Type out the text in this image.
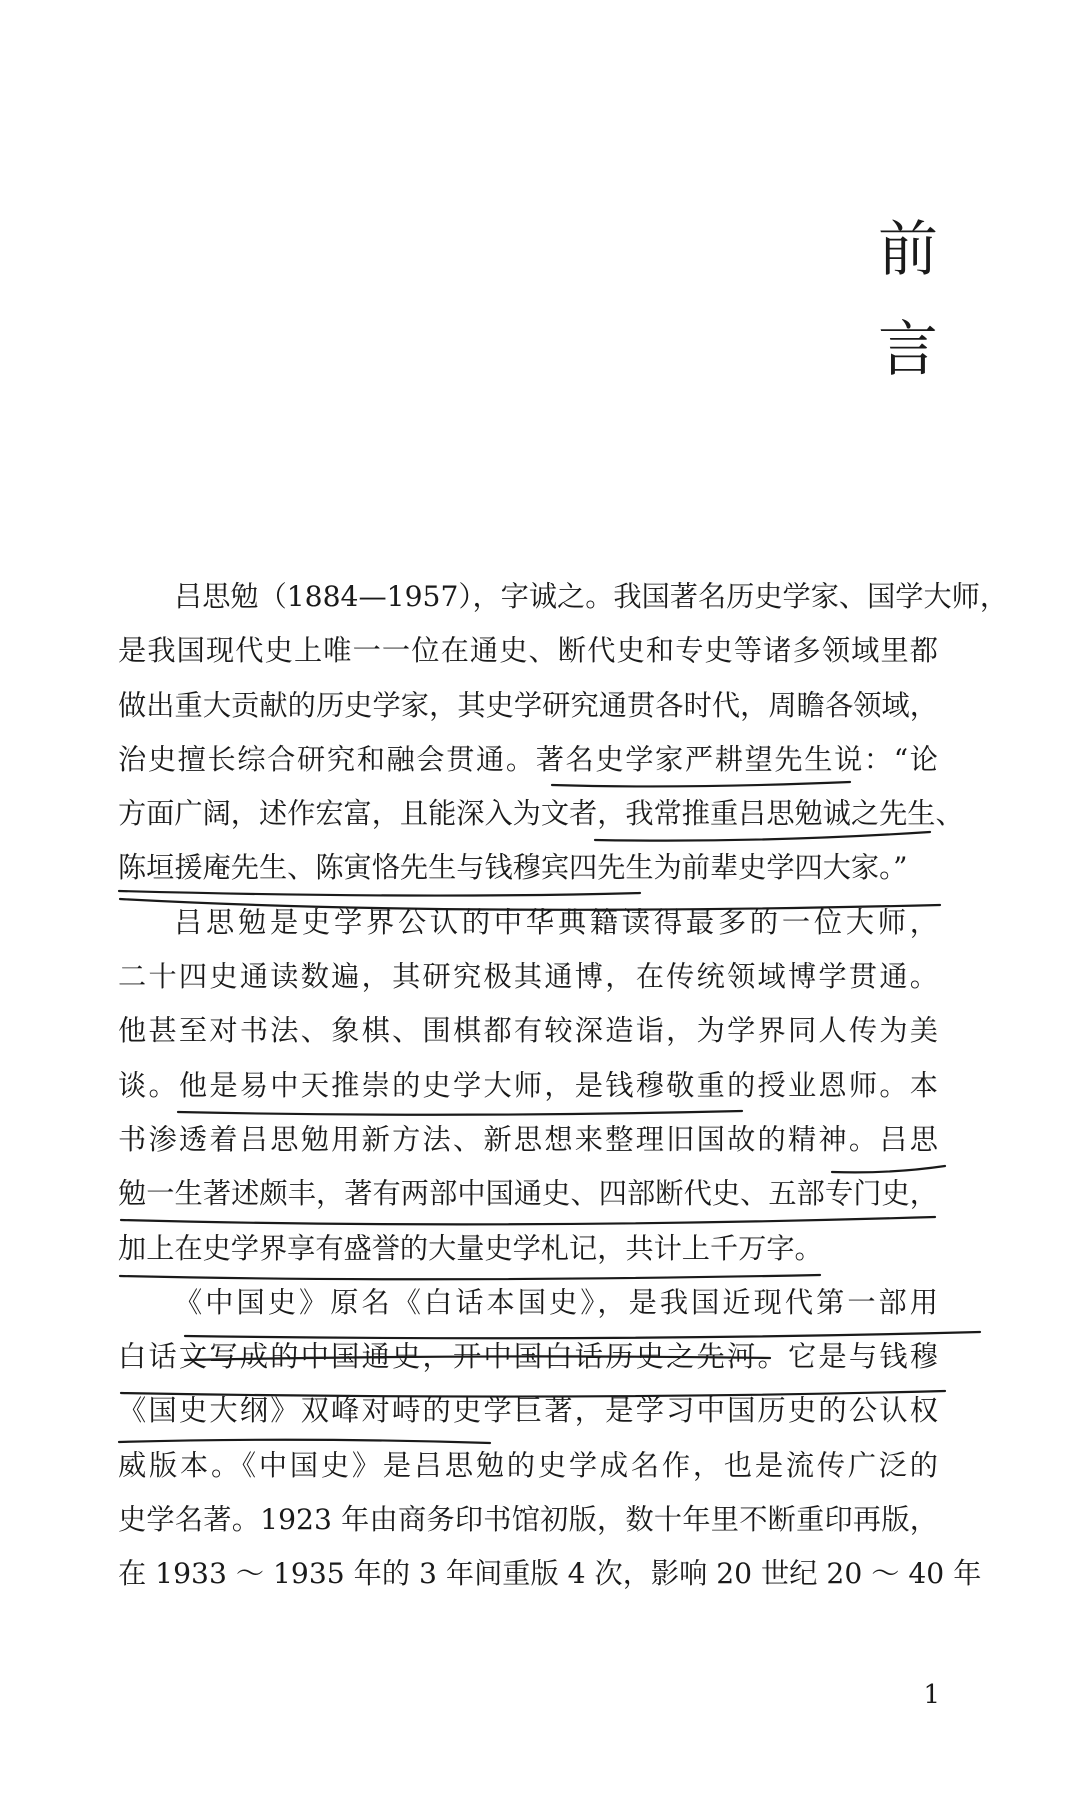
前
言
吕思勉（1884—1957），字诚之。我国著名历史学家、国学大师，
是我国现代史上唯一一位在通史、断代史和专史等诸多领域里都
做出重大贡献的历史学家，其史学研究通贯各时代，周瞻各领域，
治史擅长综合研究和融会贯通。著名史学家严耕望先生说：“论
方面广阔，述作宏富，且能深入为文者，我常推重吕思勉诚之先生、
陈垣援庵先生、陈寅恪先生与钱穆宾四先生为前辈史学四大家。”
吕思勉是史学界公认的中华典籍读得最多的一位大师，
二十四史通读数遍，其研究极其通博，在传统领域博学贯通。
他甚至对书法、象棋、围棋都有较深造诣，为学界同人传为美
谈。他是易中天推崇的史学大师，是钱穆敬重的授业恩师。本
书渗透着吕思勉用新方法、新思想来整理旧国故的精神。吕思
勉一生著述颇丰，著有两部中国通史、四部断代史、五部专门史，
加上在史学界享有盛誉的大量史学札记，共计上千万字。
《中国史》原名《白话本国史》，是我国近现代第一部用
白话文写成的中国通史，开中国白话历史之先河。它是与钱穆
《国史大纲》双峰对峙的史学巨著，是学习中国历史的公认权
威版本。《中国史》是吕思勉的史学成名作，也是流传广泛的
史学名著。1923 年由商务印书馆初版，数十年里不断重印再版，
在 1933 ～ 1935 年的 3 年间重版 4 次，影响 20 世纪 20 ～ 40 年
1
